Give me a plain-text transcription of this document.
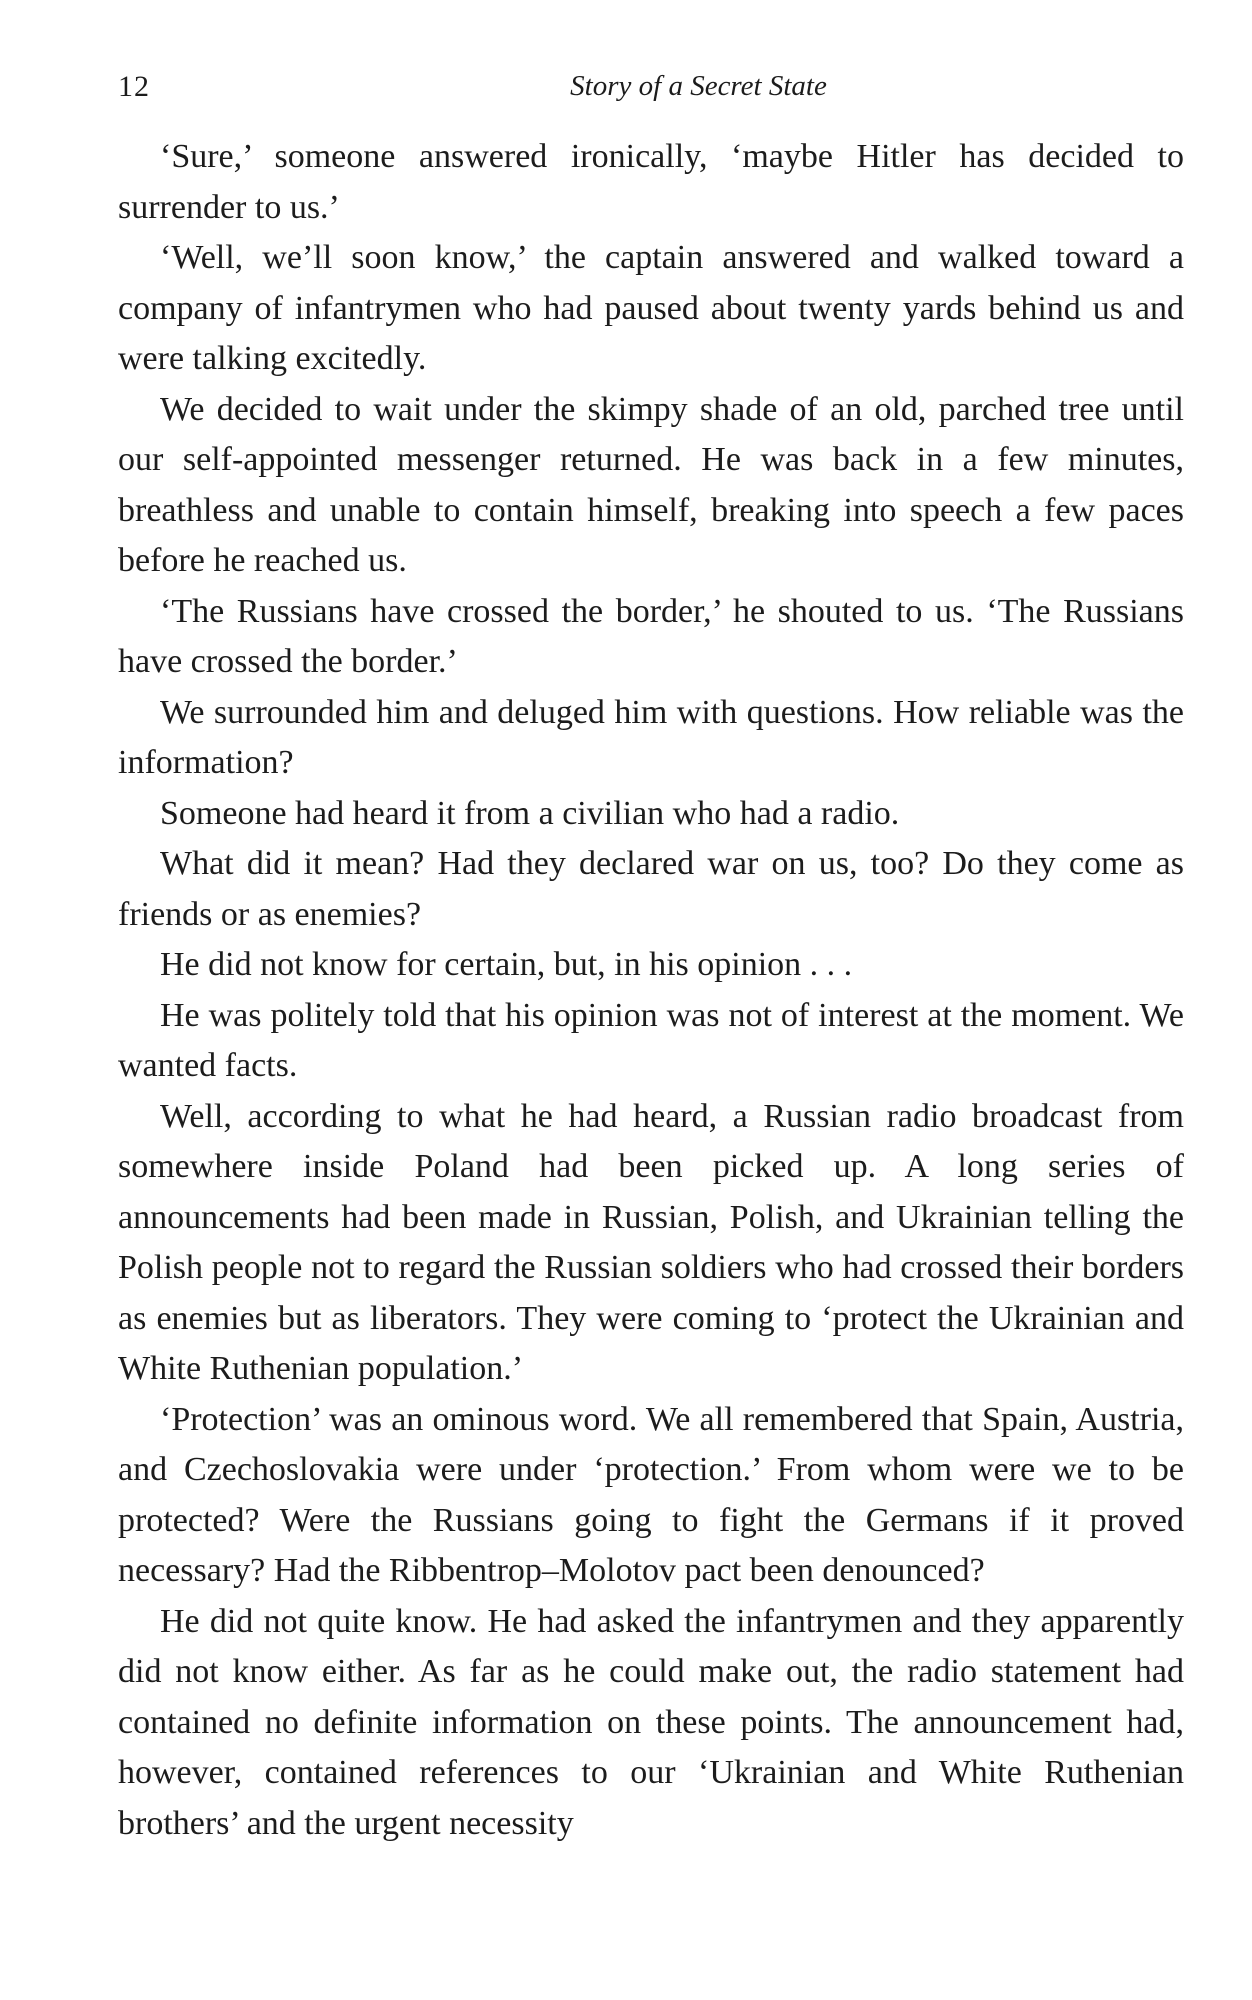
12	Story of a Secret State

‘Sure,’ someone answered ironically, ‘maybe Hitler has decided to surrender to us.’

‘Well, we’ll soon know,’ the captain answered and walked toward a company of infantrymen who had paused about twenty yards behind us and were talking excitedly.

We decided to wait under the skimpy shade of an old, parched tree until our self-appointed messenger returned. He was back in a few minutes, breathless and unable to contain himself, breaking into speech a few paces before he reached us.

‘The Russians have crossed the border,’ he shouted to us. ‘The Russians have crossed the border.’

We surrounded him and deluged him with questions. How reliable was the information?

Someone had heard it from a civilian who had a radio.

What did it mean? Had they declared war on us, too? Do they come as friends or as enemies?

He did not know for certain, but, in his opinion . . .

He was politely told that his opinion was not of interest at the moment. We wanted facts.

Well, according to what he had heard, a Russian radio broadcast from somewhere inside Poland had been picked up. A long series of announcements had been made in Russian, Polish, and Ukrainian telling the Polish people not to regard the Russian soldiers who had crossed their borders as enemies but as liberators. They were coming to ‘protect the Ukrainian and White Ruthenian population.’

‘Protection’ was an ominous word. We all remembered that Spain, Austria, and Czechoslovakia were under ‘protection.’ From whom were we to be protected? Were the Russians going to fight the Germans if it proved necessary? Had the Ribbentrop–Molotov pact been denounced?

He did not quite know. He had asked the infantrymen and they apparently did not know either. As far as he could make out, the radio statement had contained no definite information on these points. The announcement had, however, contained references to our ‘Ukrainian and White Ruthenian brothers’ and the urgent necessity
